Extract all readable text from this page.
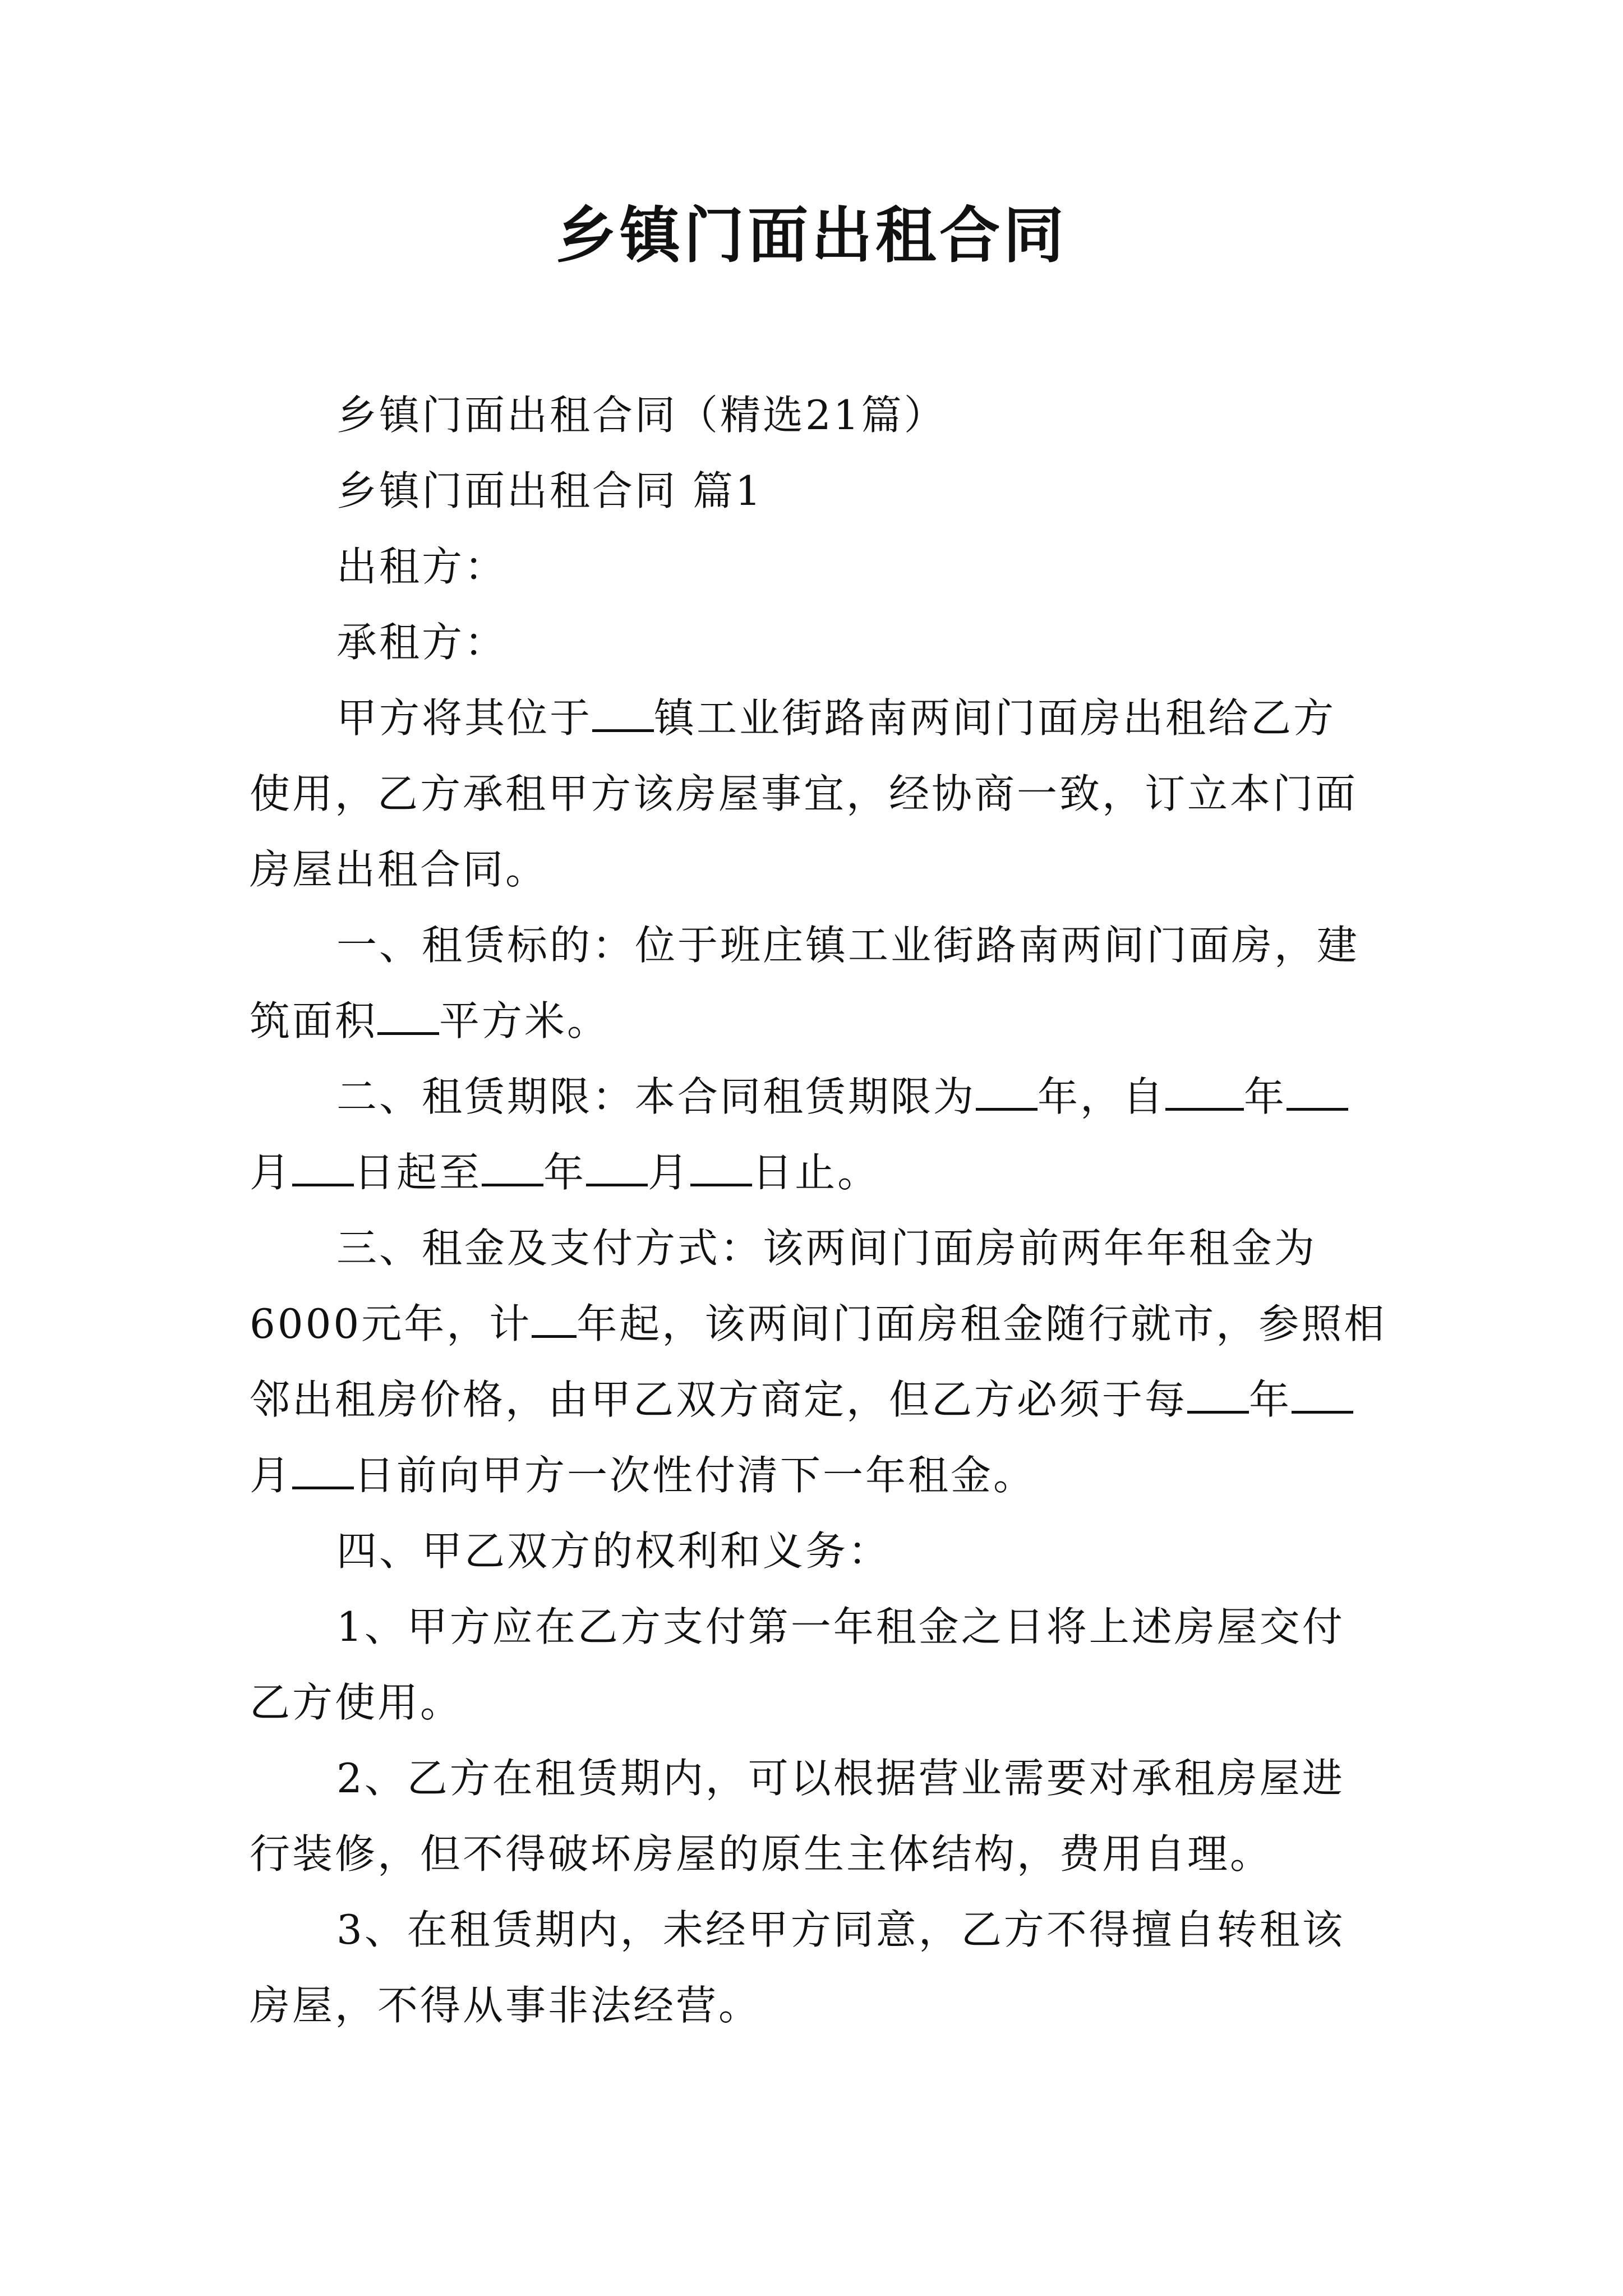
乡镇门面出租合同
乡镇门面出租合同（精选21篇）
乡镇门面出租合同 篇1
出租方：
承租方：
甲方将其位于 镇工业街路南两间门面房出租给乙方
使用，乙方承租甲方该房屋事宜，经协商一致，订立本门面
房屋出租合同。
一、租赁标的：位于班庄镇工业街路南两间门面房，建
筑面积 平方米。
二、租赁期限：本合同租赁期限为 年，自 年
月 日起至 年 月 日止。
三、租金及支付方式：该两间门面房前两年年租金为
6000元年，计 年起，该两间门面房租金随行就市，参照相
邻出租房价格，由甲乙双方商定，但乙方必须于每 年
月 日前向甲方一次性付清下一年租金。
四、甲乙双方的权利和义务：
1、甲方应在乙方支付第一年租金之日将上述房屋交付
乙方使用。
2、乙方在租赁期内，可以根据营业需要对承租房屋进
行装修，但不得破坏房屋的原生主体结构，费用自理。
3、在租赁期内，未经甲方同意，乙方不得擅自转租该
房屋，不得从事非法经营。
